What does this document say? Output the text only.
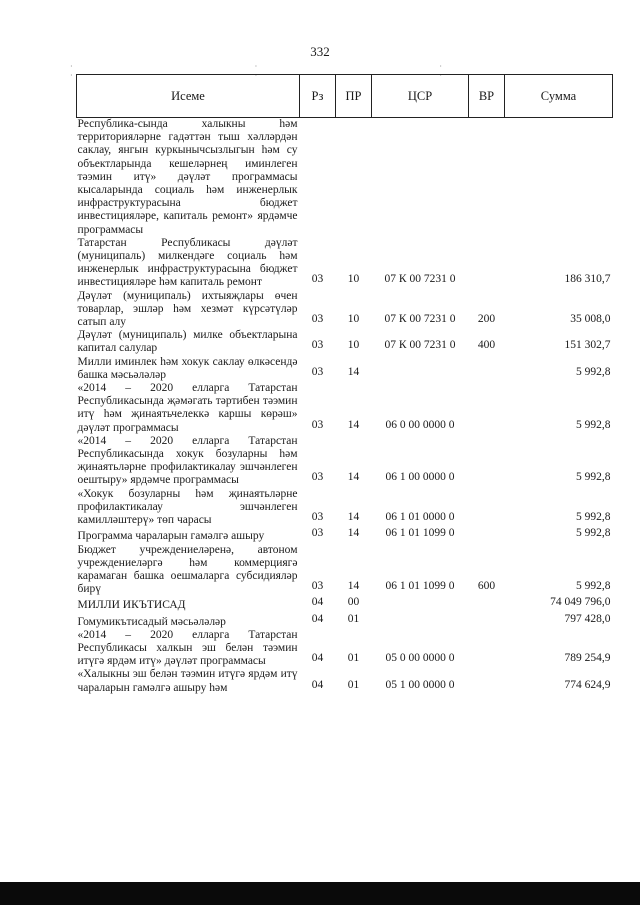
332
· · · · · ·
Исеме	Рз	ПР	ЦСР	ВР	Сумма
Республика-сында халыкны һәм территорияләрне гадәттән тыш хәлләрдән саклау, янгын куркынычсызлыгын һәм су объектларында кешеләрнең иминлеген тәэмин итү» дәүләт программасы кысаларында социаль һәм инженерлык инфраструктурасына бюджет инвестицияләре, капиталь ремонт» ярдәмче программасы					
Татарстан Республикасы дәүләт (муниципаль) милкендәге социаль һәм инженерлык инфраструктурасына бюджет инвестицияләре һәм капиталь ремонт	03	10	07 К 00 7231 0		186 310,7
Дәүләт (муниципаль) ихтыяҗлары өчен товарлар, эшләр һәм хезмәт күрсәтүләр сатып алу	03	10	07 К 00 7231 0	200	35 008,0
Дәүләт (муниципаль) милке объектларына капитал салулар	03	10	07 К 00 7231 0	400	151 302,7
Милли иминлек һәм хокук саклау өлкәсендә башка мәсьәләләр	03	14			5 992,8
«2014 – 2020 елларга Татарстан Республикасында җәмәгать тәртибен тәэмин итү һәм җинаятьчелеккә каршы көрәш» дәүләт программасы	03	14	06 0 00 0000 0		5 992,8
«2014 – 2020 елларга Татарстан Республикасында хокук бозуларны һәм җинаятьләрне профилактикалау эшчәнлеген оештыру» ярдәмче программасы	03	14	06 1 00 0000 0		5 992,8
«Хокук бозуларны һәм җинаятьләрне профилактикалау эшчәнлеген камилләштерү» төп чарасы	03	14	06 1 01 0000 0		5 992,8
Программа чараларын гамәлгә ашыру	03	14	06 1 01 1099 0		5 992,8
Бюджет учреждениеләренә, автоном учреждениеләргә һәм коммерциягә карамаган башка оешмаларга субсидияләр бирү	03	14	06 1 01 1099 0	600	5 992,8
МИЛЛИ ИКЪТИСАД	04	00			74 049 796,0
Гомумикътисадый мәсьәләләр	04	01			797 428,0
«2014 – 2020 елларга Татарстан Республикасы халкын эш белән тәэмин итүгә ярдәм итү» дәүләт программасы	04	01	05 0 00 0000 0		789 254,9
«Халыкны эш белән тәэмин итүгә ярдәм итү чараларын гамәлгә ашыру һәм	04	01	05 1 00 0000 0		774 624,9
